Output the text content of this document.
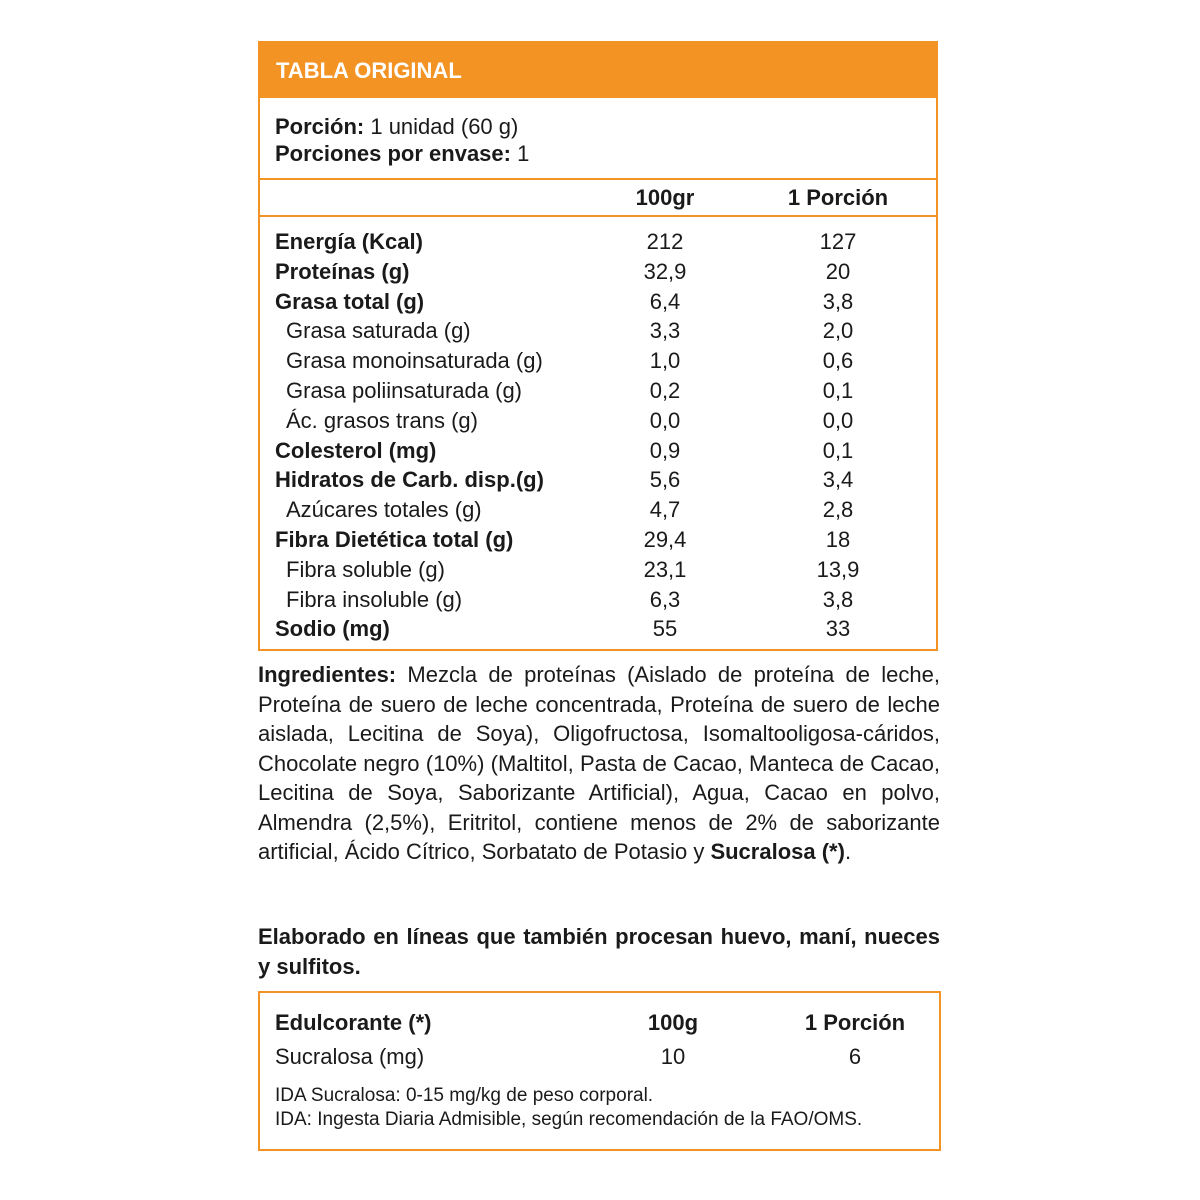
TABLA ORIGINAL
Porción: 1 unidad (60 g)
Porciones por envase: 1
100gr	1 Porción
Energía (Kcal)	212	127
Proteínas (g)	32,9	20
Grasa total (g)	6,4	3,8
Grasa saturada (g)	3,3	2,0
Grasa monoinsaturada (g)	1,0	0,6
Grasa poliinsaturada (g)	0,2	0,1
Ác. grasos trans (g)	0,0	0,0
Colesterol (mg)	0,9	0,1
Hidratos de Carb. disp.(g)	5,6	3,4
Azúcares totales (g)	4,7	2,8
Fibra Dietética total (g)	29,4	18
Fibra soluble (g)	23,1	13,9
Fibra insoluble (g)	6,3	3,8
Sodio (mg)	55	33
Ingredientes: Mezcla de proteínas (Aislado de proteína de leche, Proteína de suero de leche concentrada, Proteína de suero de leche aislada, Lecitina de Soya), Oligofructosa, Isomaltooligosa-cáridos, Chocolate negro (10%) (Maltitol, Pasta de Cacao, Manteca de Cacao, Lecitina de Soya, Saborizante Artificial), Agua, Cacao en polvo, Almendra (2,5%), Eritritol, contiene menos de 2% de saborizante artificial, Ácido Cítrico, Sorbatato de Potasio y Sucralosa (*).
Elaborado en líneas que también procesan huevo, maní, nueces y sulfitos.
Edulcorante (*)	100g	1 Porción
Sucralosa (mg)	10	6
IDA Sucralosa: 0-15 mg/kg de peso corporal.
IDA: Ingesta Diaria Admisible, según recomendación de la FAO/OMS.
